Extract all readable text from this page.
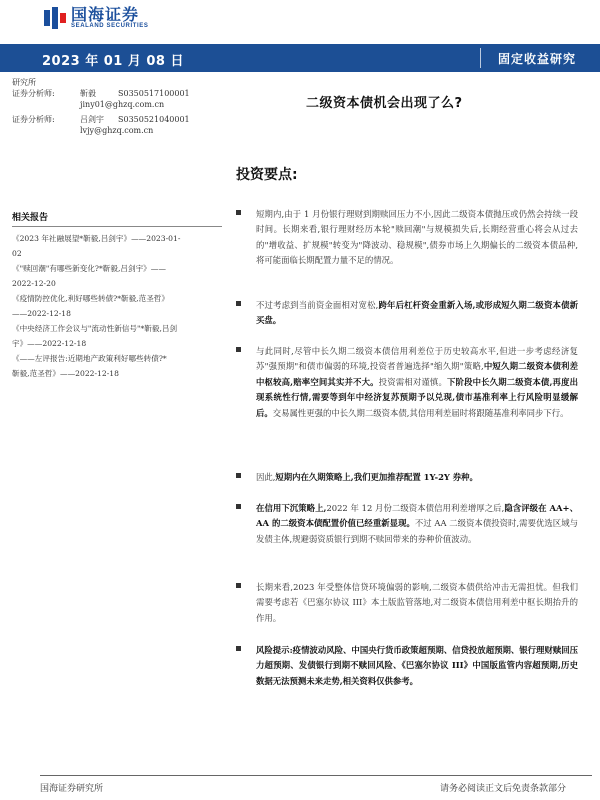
国海证券
SEALAND SECURITIES
2023 年 01 月 08 日	固定收益研究
研究所
证券分析师:	靳毅	S0350517100001
jiny01@ghzq.com.cn
证券分析师:	吕剑宇	S0350521040001
lvjy@ghzq.com.cn
二级资本债机会出现了么?
相关报告
《2023 年社融展望*靳毅,吕剑宇》——2023-01-
02
《"赎回潮"有哪些新变化?*靳毅,吕剑宇》——
2022-12-20
《疫情防控优化,利好哪些转债?*靳毅,范圣哲》
——2022-12-18
《中央经济工作会议与"流动性新信号"*靳毅,吕剑
宇》——2022-12-18
《——左评报告:近期地产政策利好哪些转债?*
靳毅,范圣哲》——2022-12-18
投资要点:

短期内,由于 1 月份银行理财到期赎回压力不小,因此二级资本债抛压或仍然会持续一段时间。长期来看,银行理财经历本轮"赎回潮"与规模损失后,长期经营重心将会从过去的"增收益、扩规模"转变为"降波动、稳规模",债券市场上久期偏长的二级资本债品种,将可能面临长期配置力量不足的情况。

不过考虑到当前资金面相对宽松,跨年后杠杆资金重新入场,或形成短久期二级资本债新买盘。

与此同时,尽管中长久期二级资本债信用利差位于历史较高水平,但进一步考虑经济复苏"强预期"和债市偏弱的环境,投资者普遍选择"缩久期"策略,中短久期二级资本债利差中枢较高,赔率空间其实并不大。投资需相对谨慎。下阶段中长久期二级资本债,再度出现系统性行情,需要等到年中经济复苏预期予以兑现,债市基准利率上行风险明显缓解后。交易属性更强的中长久期二级资本债,其信用利差届时将跟随基准利率同步下行。

因此,短期内在久期策略上,我们更加推荐配置 1Y-2Y 券种。

在信用下沉策略上,2022 年 12 月份二级资本债信用利差增厚之后,隐含评级在 AA+、AA 的二级资本债配置价值已经重新显现。不过 AA 二级资本债投资时,需要优选区域与发债主体,规避弱资质银行到期不赎回带来的券种价值波动。

长期来看,2023 年受整体信贷环境偏弱的影响,二级资本债供给冲击无需担忧。但我们需要考虑若《巴塞尔协议 III》本土版监管落地,对二级资本债信用利差中枢长期抬升的作用。

风险提示:疫情波动风险、中国央行货币政策超预期、信贷投放超预期、银行理财赎回压力超预期、发债银行到期不赎回风险、《巴塞尔协议 III》中国版监管内容超预期,历史数据无法预测未来走势,相关资料仅供参考。

国海证券研究所	请务必阅读正文后免责条款部分
